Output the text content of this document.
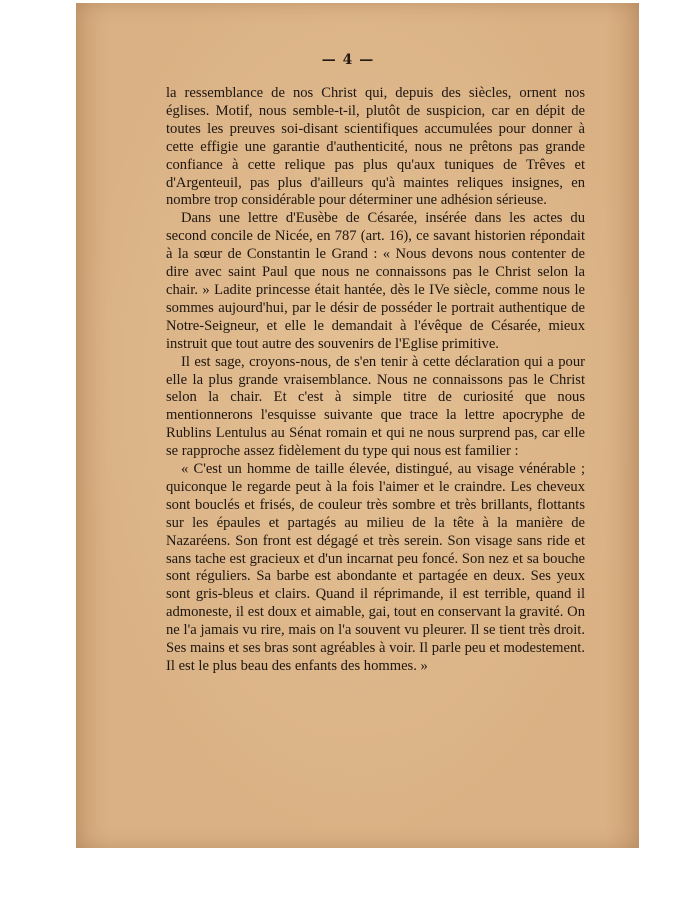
— 4 —

la ressemblance de nos Christ qui, depuis des siècles, ornent nos églises. Motif, nous semble-t-il, plutôt de suspicion, car en dépit de toutes les preuves soi-disant scientifiques accumulées pour donner à cette effigie une garantie d'authenticité, nous ne prêtons pas grande confiance à cette relique pas plus qu'aux tuniques de Trêves et d'Argenteuil, pas plus d'ailleurs qu'à maintes reliques insignes, en nombre trop considérable pour déterminer une adhésion sérieuse.

Dans une lettre d'Eusèbe de Césarée, insérée dans les actes du second concile de Nicée, en 787 (art. 16), ce savant historien répondait à la sœur de Constantin le Grand : « Nous devons nous contenter de dire avec saint Paul que nous ne connaissons pas le Christ selon la chair. » Ladite princesse était hantée, dès le IVe siècle, comme nous le sommes aujourd'hui, par le désir de posséder le portrait authentique de Notre-Seigneur, et elle le demandait à l'évêque de Césarée, mieux instruit que tout autre des souvenirs de l'Eglise primitive.

Il est sage, croyons-nous, de s'en tenir à cette déclaration qui a pour elle la plus grande vraisemblance. Nous ne connaissons pas le Christ selon la chair. Et c'est à simple titre de curiosité que nous mentionnerons l'esquisse suivante que trace la lettre apocryphe de Rublins Lentulus au Sénat romain et qui ne nous surprend pas, car elle se rapproche assez fidèlement du type qui nous est familier :

« C'est un homme de taille élevée, distingué, au visage vénérable ; quiconque le regarde peut à la fois l'aimer et le craindre. Les cheveux sont bouclés et frisés, de couleur très sombre et très brillants, flottants sur les épaules et partagés au milieu de la tête à la manière de Nazaréens. Son front est dégagé et très serein. Son visage sans ride et sans tache est gracieux et d'un incarnat peu foncé. Son nez et sa bouche sont réguliers. Sa barbe est abondante et partagée en deux. Ses yeux sont gris-bleus et clairs. Quand il réprimande, il est terrible, quand il admoneste, il est doux et aimable, gai, tout en conservant la gravité. On ne l'a jamais vu rire, mais on l'a souvent vu pleurer. Il se tient très droit. Ses mains et ses bras sont agréables à voir. Il parle peu et modestement. Il est le plus beau des enfants des hommes. »
